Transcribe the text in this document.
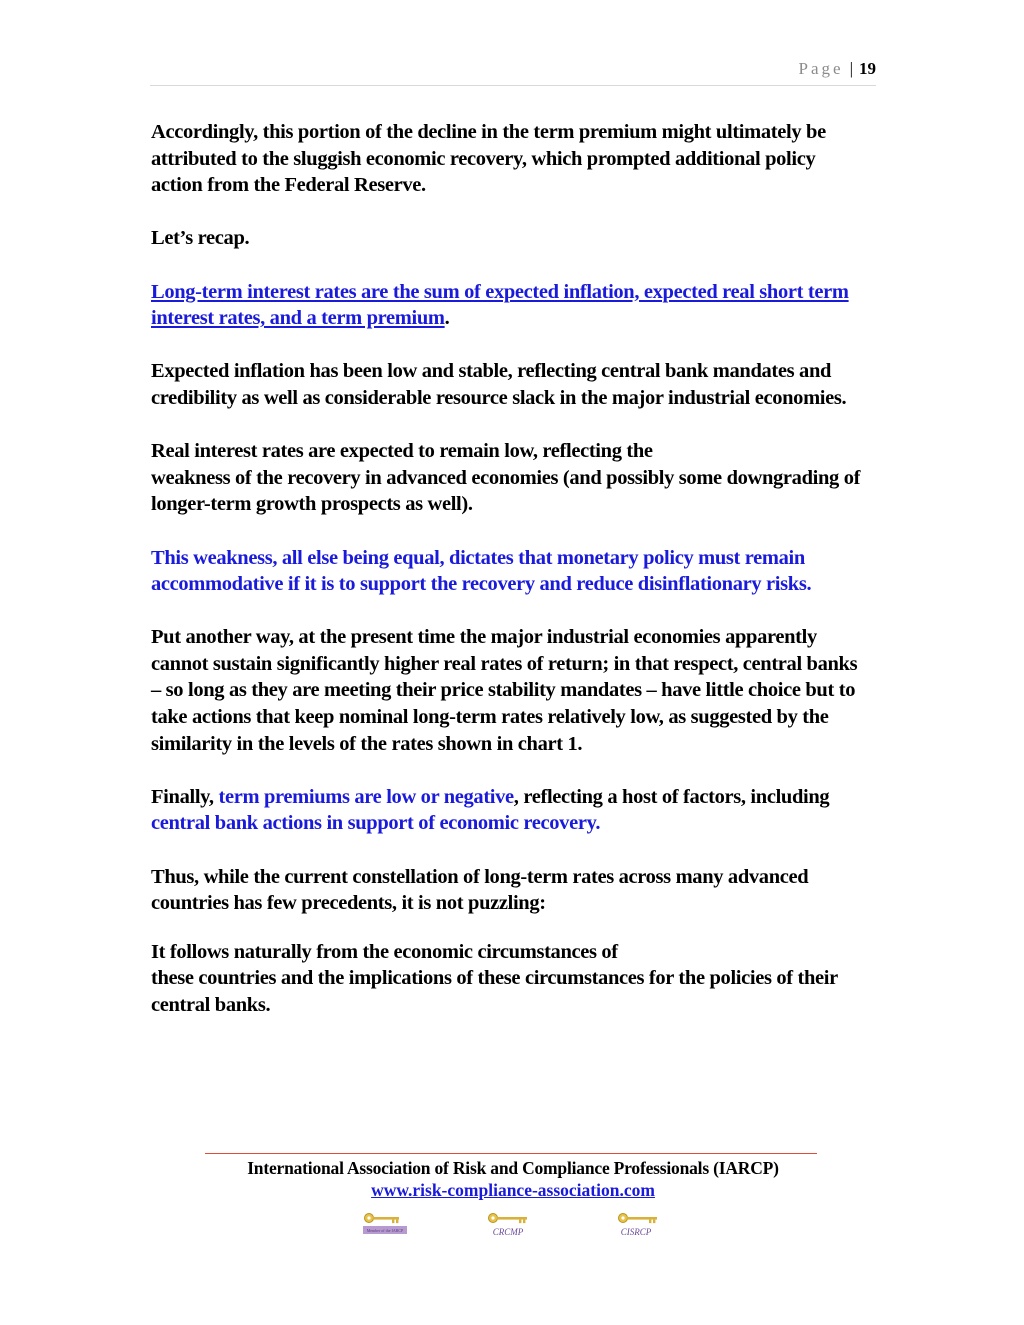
Page | 19

Accordingly, this portion of the decline in the term premium might ultimately be attributed to the sluggish economic recovery, which prompted additional policy action from the Federal Reserve.

Let’s recap.

Long-term interest rates are the sum of expected inflation, expected real short term interest rates, and a term premium.

Expected inflation has been low and stable, reflecting central bank mandates and credibility as well as considerable resource slack in the major industrial economies.

Real interest rates are expected to remain low, reflecting the
weakness of the recovery in advanced economies (and possibly some downgrading of longer-term growth prospects as well).

This weakness, all else being equal, dictates that monetary policy must remain accommodative if it is to support the recovery and reduce disinflationary risks.

Put another way, at the present time the major industrial economies apparently cannot sustain significantly higher real rates of return; in that respect, central banks – so long as they are meeting their price stability mandates – have little choice but to take actions that keep nominal long-term rates relatively low, as suggested by the similarity in the levels of the rates shown in chart 1.

Finally, term premiums are low or negative, reflecting a host of factors, including central bank actions in support of economic recovery.

Thus, while the current constellation of long-term rates across many advanced countries has few precedents, it is not puzzling:

It follows naturally from the economic circumstances of
these countries and the implications of these circumstances for the policies of their central banks.

International Association of Risk and Compliance Professionals (IARCP)
www.risk-compliance-association.com
Member of the IARCP	CRCMP	CISRCP
